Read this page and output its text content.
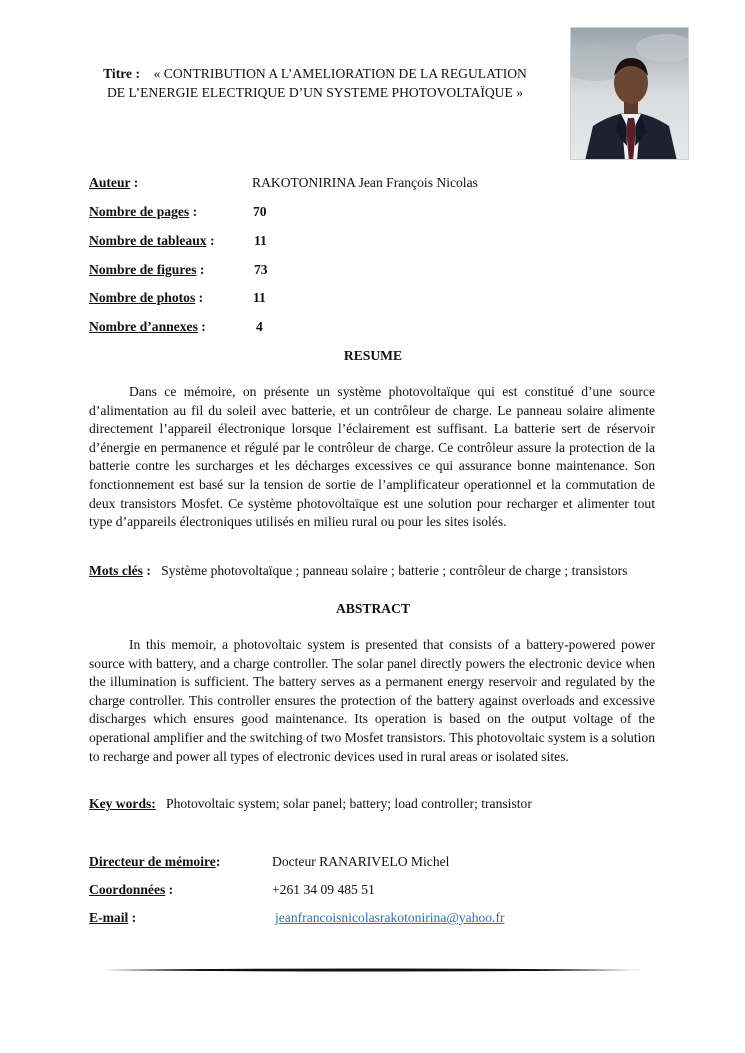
Titre : « CONTRIBUTION A L’AMELIORATION DE LA REGULATION DE L’ENERGIE ELECTRIQUE D’UN SYSTEME PHOTOVOLTAÏQUE »
Auteur :	RAKOTONIRINA Jean François Nicolas
Nombre de pages :	70
Nombre de tableaux :	11
Nombre de figures :	73
Nombre de photos :	11
Nombre d’annexes :	4
RESUME

Dans ce mémoire, on présente un système photovoltaïque qui est constitué d’une source d’alimentation au fil du soleil avec batterie, et un contrôleur de charge. Le panneau solaire alimente directement l’appareil électronique lorsque l’éclairement est suffisant. La batterie sert de réservoir d’énergie en permanence et régulé par le contrôleur de charge. Ce contrôleur assure la protection de la batterie contre les surcharges et les décharges excessives ce qui assurance bonne maintenance. Son fonctionnement est basé sur la tension de sortie de l’amplificateur operationnel et la commutation de deux transistors Mosfet. Ce système photovoltaïque est une solution pour recharger et alimenter tout type d’appareils électroniques utilisés en milieu rural ou pour les sites isolés.

Mots clés : Système photovoltaïque ; panneau solaire ; batterie ; contrôleur de charge ; transistors
ABSTRACT

In this memoir, a photovoltaic system is presented that consists of a battery-powered power source with battery, and a charge controller. The solar panel directly powers the electronic device when the illumination is sufficient. The battery serves as a permanent energy reservoir and regulated by the charge controller. This controller ensures the protection of the battery against overloads and excessive discharges which ensures good maintenance. Its operation is based on the output voltage of the operational amplifier and the switching of two Mosfet transistors. This photovoltaic system is a solution to recharge and power all types of electronic devices used in rural areas or isolated sites.

Key words: Photovoltaic system; solar panel; battery; load controller; transistor
Directeur de mémoire:	Docteur RANARIVELO Michel
Coordonnées :	+261 34 09 485 51
E-mail :	jeanfrancoisnicolasrakotonirina@yahoo.fr
